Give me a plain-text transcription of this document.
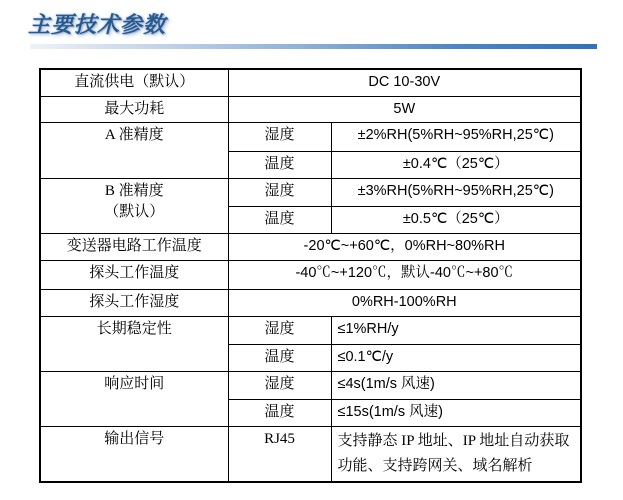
主要技术参数
直流供电（默认）	DC 10-30V	
最大功耗	5W	
A 准精度	湿度	±2%RH(5%RH~95%RH,25℃)
	温度	±0.4℃（25℃）

B 准精度
（默认）	湿度	±3%RH(5%RH~95%RH,25℃)
	温度	±0.5℃（25℃）
变送器电路工作温度	-20℃~+60℃，0%RH~80%RH	
探头工作温度	-40℃~+120℃，默认-40℃~+80℃	
探头工作湿度	0%RH-100%RH	
长期稳定性	湿度	≤1%RH/y
	温度	≤0.1℃/y
响应时间	湿度	≤4s(1m/s 风速)
	温度	≤15s(1m/s 风速)
输出信号	RJ45	支持静态 IP 地址、IP 地址自动获取功能、支持跨网关、域名解析
